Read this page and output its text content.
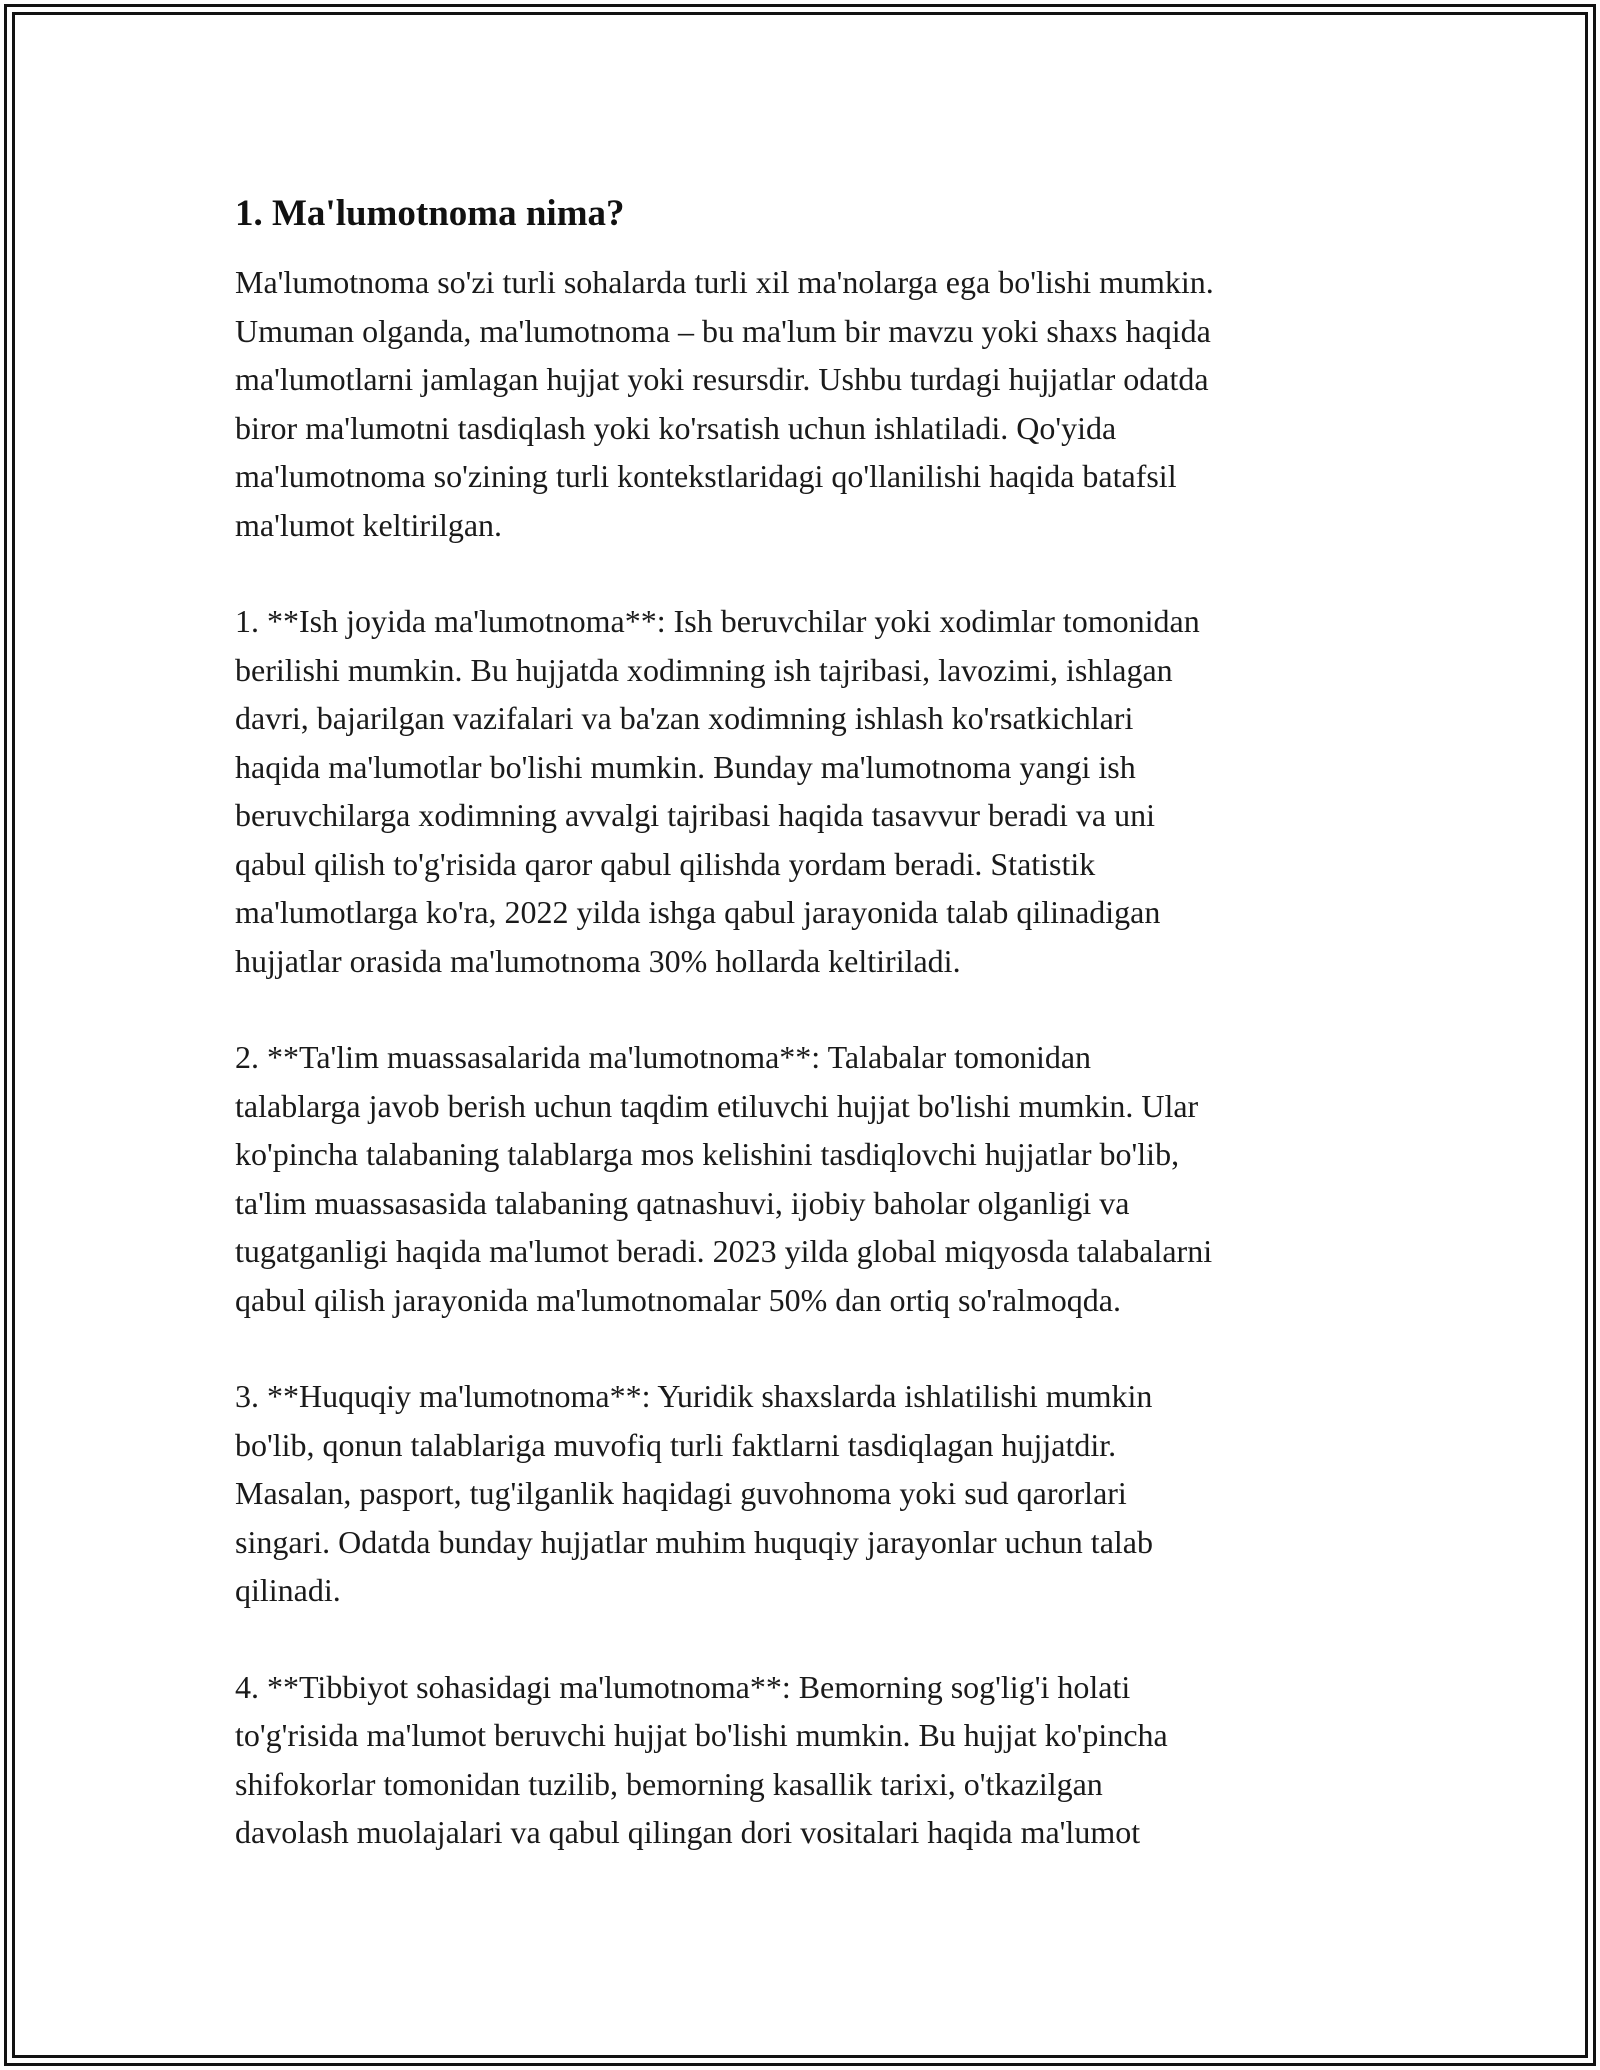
1. Ma'lumotnoma nima?

Ma'lumotnoma so'zi turli sohalarda turli xil ma'nolarga ega bo'lishi mumkin.
Umuman olganda, ma'lumotnoma – bu ma'lum bir mavzu yoki shaxs haqida
ma'lumotlarni jamlagan hujjat yoki resursdir. Ushbu turdagi hujjatlar odatda
biror ma'lumotni tasdiqlash yoki ko'rsatish uchun ishlatiladi. Qo'yida
ma'lumotnoma so'zining turli kontekstlaridagi qo'llanilishi haqida batafsil
ma'lumot keltirilgan.

1. **Ish joyida ma'lumotnoma**: Ish beruvchilar yoki xodimlar tomonidan
berilishi mumkin. Bu hujjatda xodimning ish tajribasi, lavozimi, ishlagan
davri, bajarilgan vazifalari va ba'zan xodimning ishlash ko'rsatkichlari
haqida ma'lumotlar bo'lishi mumkin. Bunday ma'lumotnoma yangi ish
beruvchilarga xodimning avvalgi tajribasi haqida tasavvur beradi va uni
qabul qilish to'g'risida qaror qabul qilishda yordam beradi. Statistik
ma'lumotlarga ko'ra, 2022 yilda ishga qabul jarayonida talab qilinadigan
hujjatlar orasida ma'lumotnoma 30% hollarda keltiriladi.

2. **Ta'lim muassasalarida ma'lumotnoma**: Talabalar tomonidan
talablarga javob berish uchun taqdim etiluvchi hujjat bo'lishi mumkin. Ular
ko'pincha talabaning talablarga mos kelishini tasdiqlovchi hujjatlar bo'lib,
ta'lim muassasasida talabaning qatnashuvi, ijobiy baholar olganligi va
tugatganligi haqida ma'lumot beradi. 2023 yilda global miqyosda talabalarni
qabul qilish jarayonida ma'lumotnomalar 50% dan ortiq so'ralmoqda.

3. **Huquqiy ma'lumotnoma**: Yuridik shaxslarda ishlatilishi mumkin
bo'lib, qonun talablariga muvofiq turli faktlarni tasdiqlagan hujjatdir.
Masalan, pasport, tug'ilganlik haqidagi guvohnoma yoki sud qarorlari
singari. Odatda bunday hujjatlar muhim huquqiy jarayonlar uchun talab
qilinadi.

4. **Tibbiyot sohasidagi ma'lumotnoma**: Bemorning sog'lig'i holati
to'g'risida ma'lumot beruvchi hujjat bo'lishi mumkin. Bu hujjat ko'pincha
shifokorlar tomonidan tuzilib, bemorning kasallik tarixi, o'tkazilgan
davolash muolajalari va qabul qilingan dori vositalari haqida ma'lumot
